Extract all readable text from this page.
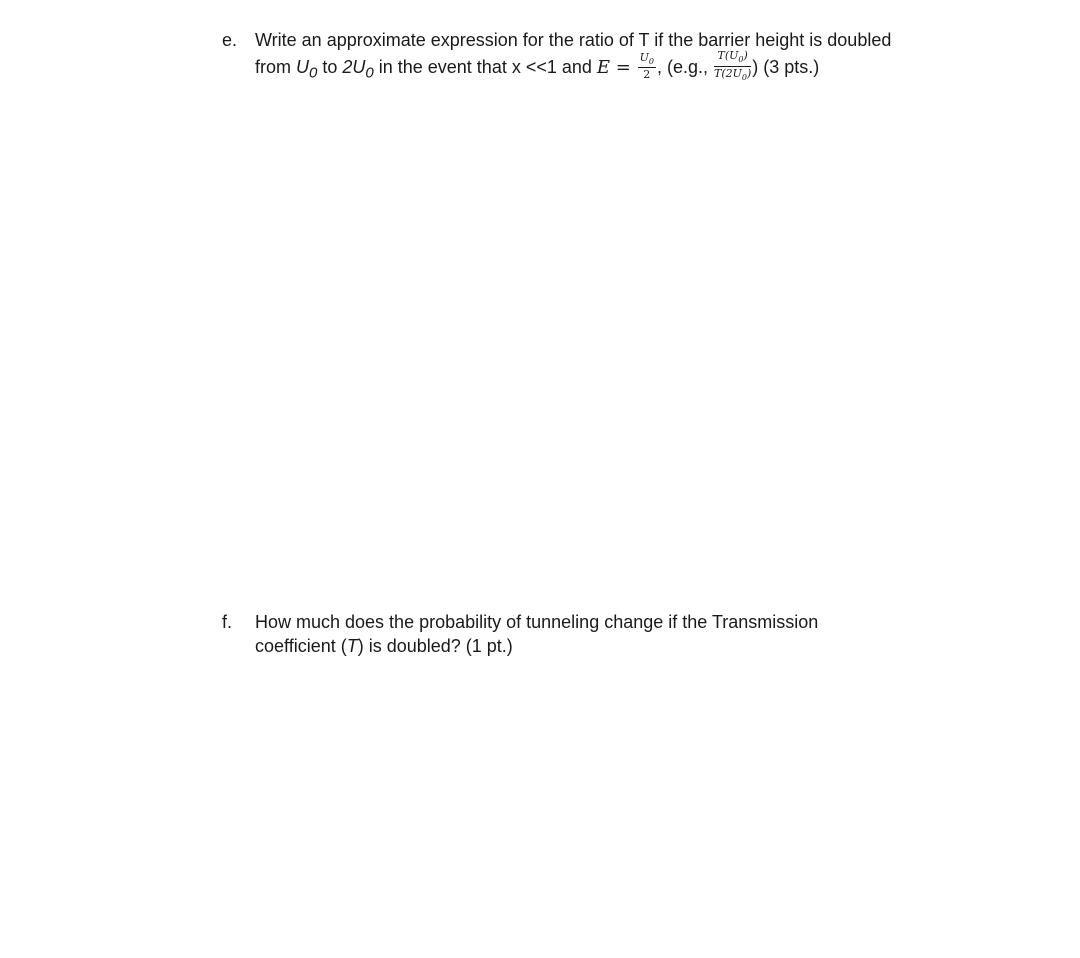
e. Write an approximate expression for the ratio of T if the barrier height is doubled
from $U_0$ to $2U_0$ in the event that x <<1 and $E = \frac{U_0}{2}$ , (e.g., $\frac{T(U_0)}{T(2U_0)}$ ) (3 pts.)
f. How much does the probability of tunneling change if the Transmission
coefficient (T) is doubled? (1 pt.)
